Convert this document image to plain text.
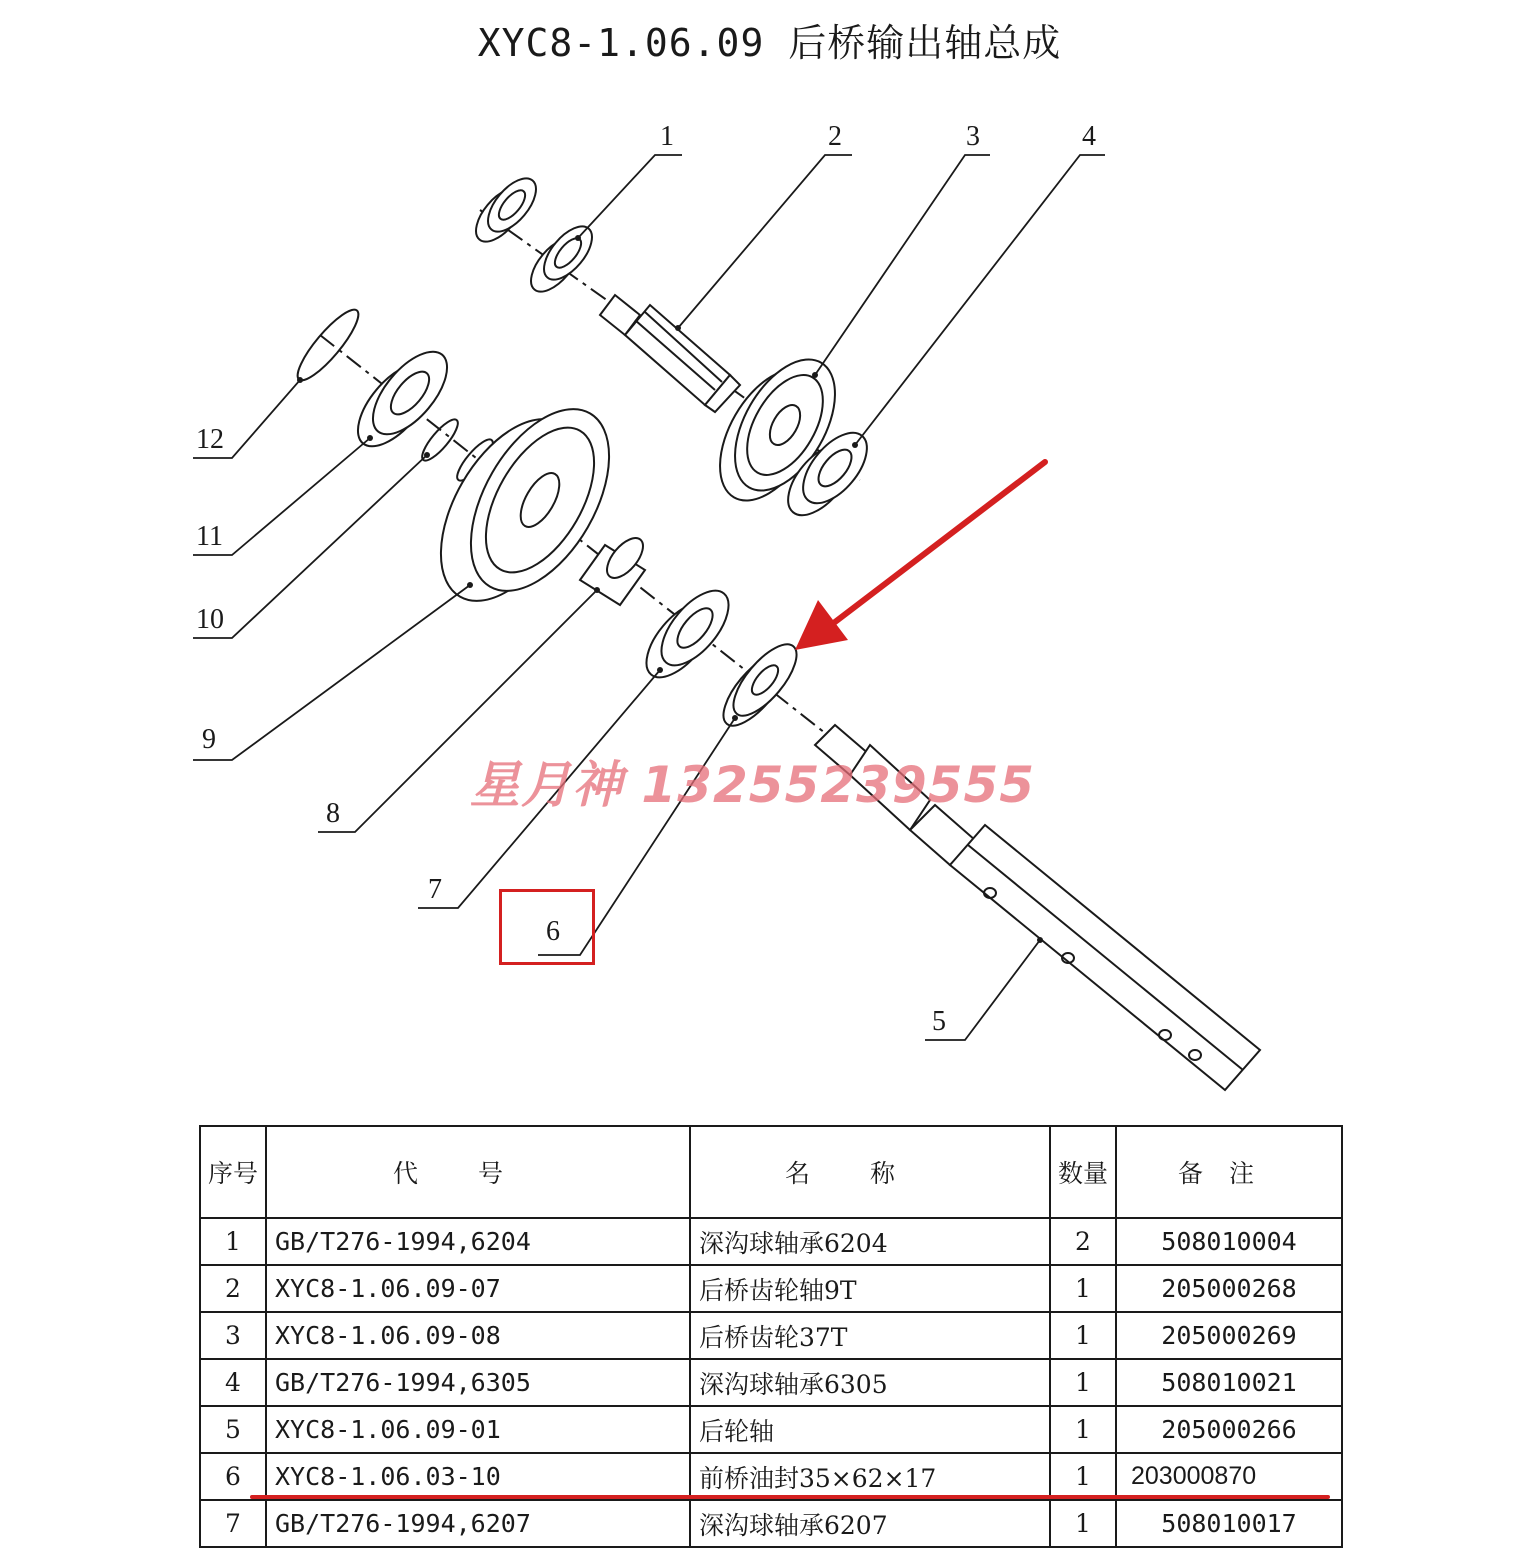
XYC8-1.06.09 后桥输出轴总成
1	2	3	4
5
6
7
8
9
10
11
12
星月神 13255239555
序号	代号	名称	数量	备注
1	GB/T276-1994,6204	深沟球轴承6204	2	508010004
2	XYC8-1.06.09-07	后桥齿轮轴9T	1	205000268
3	XYC8-1.06.09-08	后桥齿轮37T	1	205000269
4	GB/T276-1994,6305	深沟球轴承6305	1	508010021
5	XYC8-1.06.09-01	后轮轴	1	205000266
6	XYC8-1.06.03-10	前桥油封35×62×17	1	203000870
7	GB/T276-1994,6207	深沟球轴承6207	1	508010017
